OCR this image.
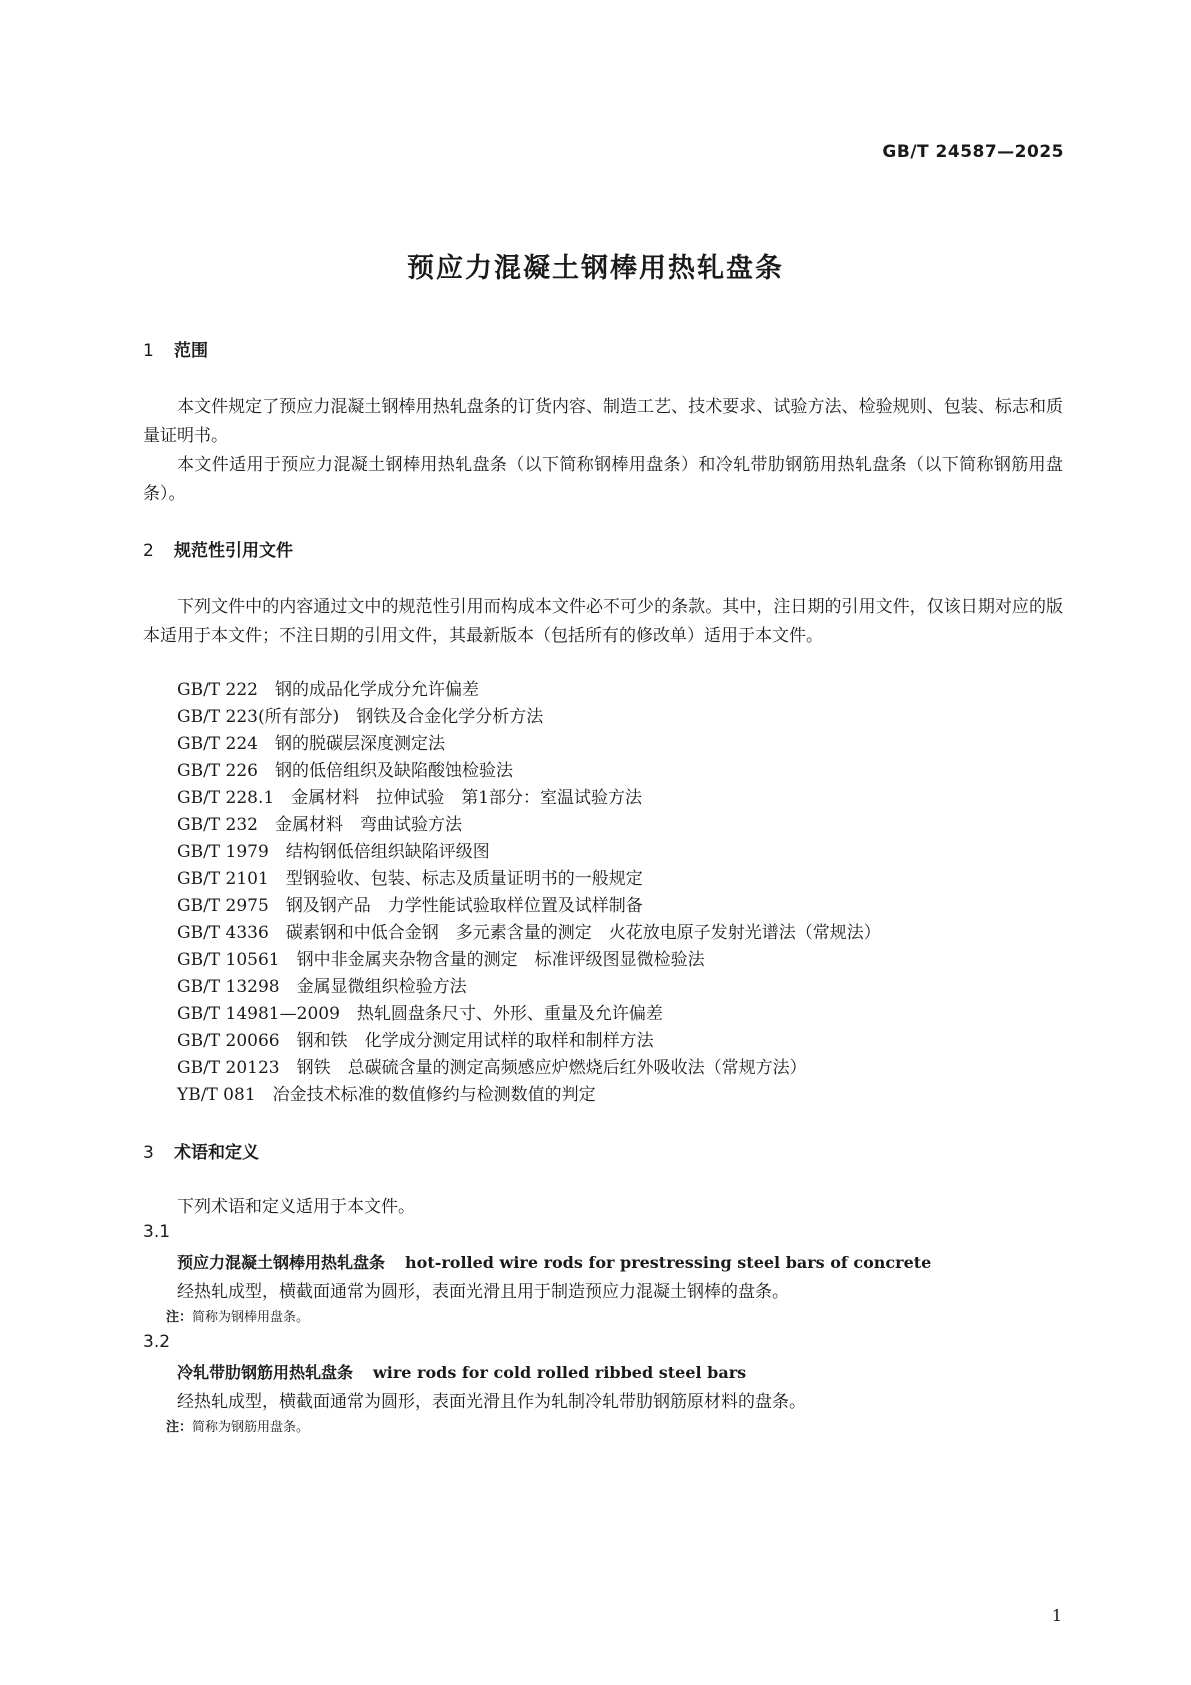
GB/T 24587—2025
预应力混凝土钢棒用热轧盘条
1 范围
本文件规定了预应力混凝土钢棒用热轧盘条的订货内容、制造工艺、技术要求、试验方法、检验规则、包装、标志和质量证明书。
本文件适用于预应力混凝土钢棒用热轧盘条（以下简称钢棒用盘条）和冷轧带肋钢筋用热轧盘条（以下简称钢筋用盘条）。
2 规范性引用文件
下列文件中的内容通过文中的规范性引用而构成本文件必不可少的条款。其中，注日期的引用文件，仅该日期对应的版本适用于本文件；不注日期的引用文件，其最新版本（包括所有的修改单）适用于本文件。
GB/T 222　 钢的成品化学成分允许偏差
GB/T 223(所有部分)　 钢铁及合金化学分析方法
GB/T 224　 钢的脱碳层深度测定法
GB/T 226　 钢的低倍组织及缺陷酸蚀检验法
GB/T 228.1　 金属材料　拉伸试验　第1部分：室温试验方法
GB/T 232　 金属材料　弯曲试验方法
GB/T 1979　 结构钢低倍组织缺陷评级图
GB/T 2101　 型钢验收、包装、标志及质量证明书的一般规定
GB/T 2975　 钢及钢产品　力学性能试验取样位置及试样制备
GB/T 4336　 碳素钢和中低合金钢　多元素含量的测定　火花放电原子发射光谱法（常规法）
GB/T 10561　 钢中非金属夹杂物含量的测定　标准评级图显微检验法
GB/T 13298　 金属显微组织检验方法
GB/T 14981—2009　 热轧圆盘条尺寸、外形、重量及允许偏差
GB/T 20066　 钢和铁　化学成分测定用试样的取样和制样方法
GB/T 20123　 钢铁　总碳硫含量的测定高频感应炉燃烧后红外吸收法（常规方法）
YB/T 081　 冶金技术标准的数值修约与检测数值的判定
3 术语和定义
下列术语和定义适用于本文件。
3.1
预应力混凝土钢棒用热轧盘条 hot-rolled wire rods for prestressing steel bars of concrete
经热轧成型，横截面通常为圆形，表面光滑且用于制造预应力混凝土钢棒的盘条。
注：简称为钢棒用盘条。
3.2
冷轧带肋钢筋用热轧盘条 wire rods for cold rolled ribbed steel bars
经热轧成型，横截面通常为圆形，表面光滑且作为轧制冷轧带肋钢筋原材料的盘条。
注：简称为钢筋用盘条。
1
